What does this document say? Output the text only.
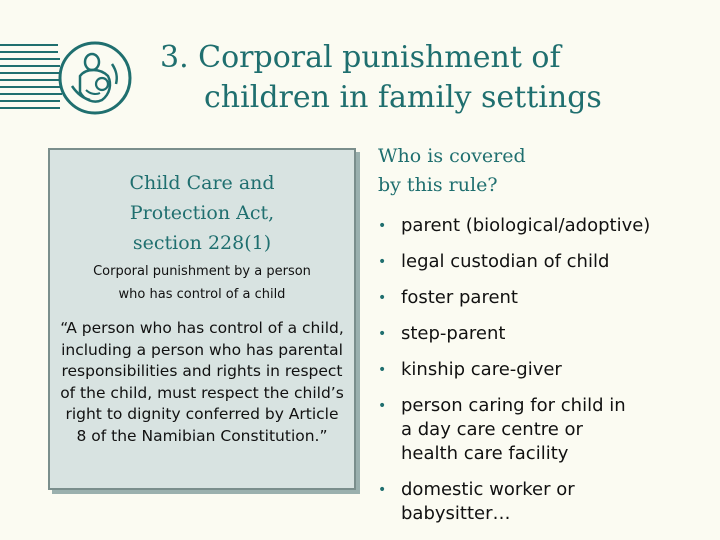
3. Corporal punishment of
children in family settings
Child Care and
Protection Act,
section 228(1)
Corporal punishment by a person
who has control of a child
“A person who has control of a child, including a person who has parental responsibilities and rights in respect of the child, must respect the child’s right to dignity conferred by Article 8 of the Namibian Constitution.”
Who is covered
by this rule?
• parent (biological/adoptive)
• legal custodian of child
• foster parent
• step-parent
• kinship care-giver
• person caring for child in a day care centre or health care facility
• domestic worker or babysitter…
